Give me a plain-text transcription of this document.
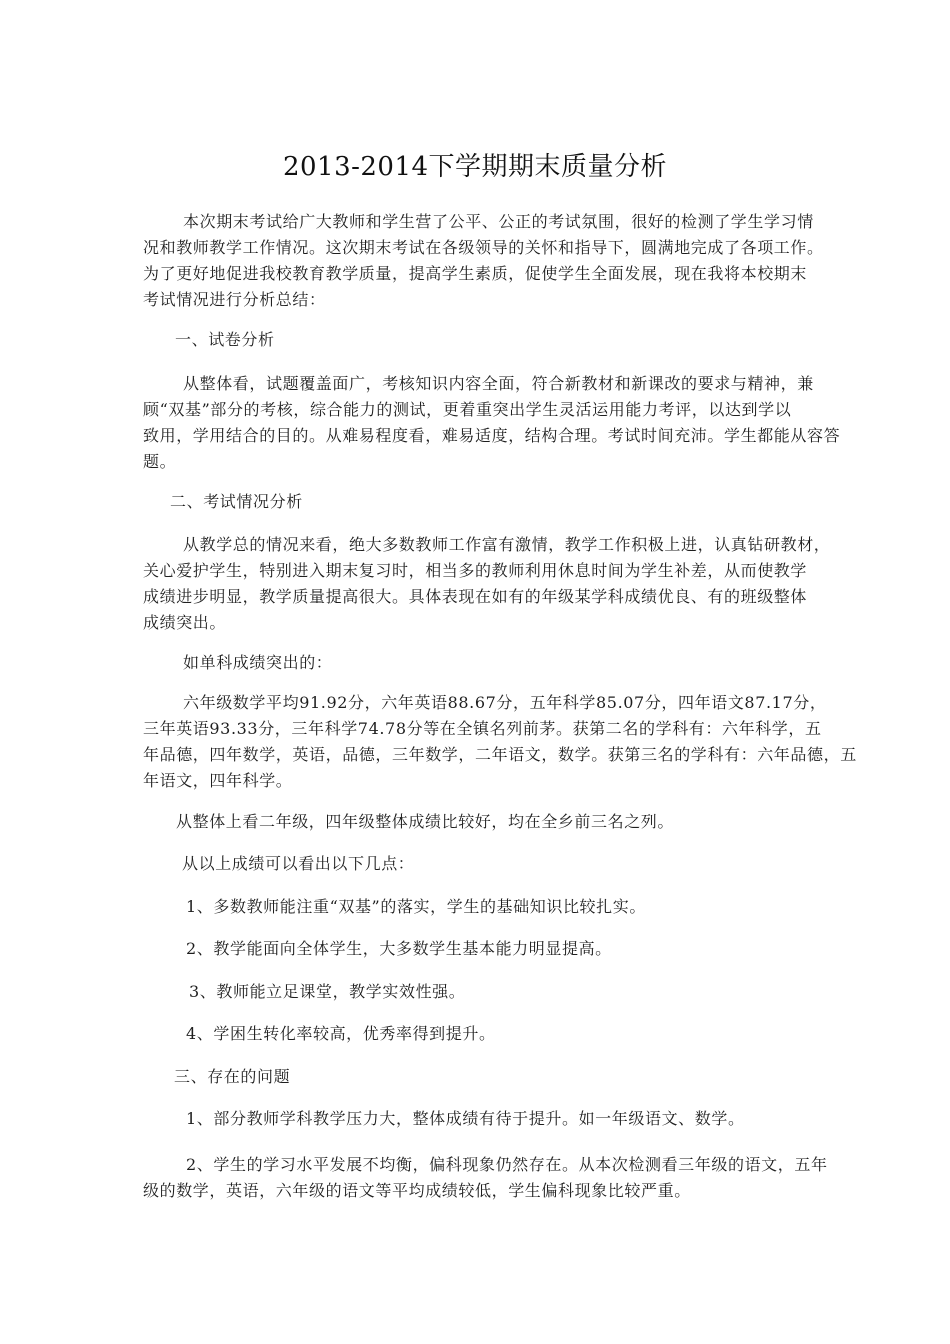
2013-2014下学期期末质量分析
本次期末考试给广大教师和学生营了公平、公正的考试氛围，很好的检测了学生学习情
况和教师教学工作情况。这次期末考试在各级领导的关怀和指导下，圆满地完成了各项工作。
为了更好地促进我校教育教学质量，提高学生素质，促使学生全面发展，现在我将本校期末
考试情况进行分析总结：
一、试卷分析
从整体看，试题覆盖面广，考核知识内容全面，符合新教材和新课改的要求与精神，兼
顾“双基”部分的考核，综合能力的测试，更着重突出学生灵活运用能力考评，以达到学以
致用，学用结合的目的。从难易程度看，难易适度，结构合理。考试时间充沛。学生都能从容答
题。
二、考试情况分析
从教学总的情况来看，绝大多数教师工作富有激情，教学工作积极上进，认真钻研教材，
关心爱护学生，特别进入期末复习时，相当多的教师利用休息时间为学生补差，从而使教学
成绩进步明显，教学质量提高很大。具体表现在如有的年级某学科成绩优良、有的班级整体
成绩突出。
如单科成绩突出的：
六年级数学平均91.92分，六年英语88.67分，五年科学85.07分，四年语文87.17分，
三年英语93.33分，三年科学74.78分等在全镇名列前茅。获第二名的学科有：六年科学，五
年品德，四年数学，英语，品德，三年数学，二年语文，数学。获第三名的学科有：六年品德，五
年语文，四年科学。
从整体上看二年级，四年级整体成绩比较好，均在全乡前三名之列。
从以上成绩可以看出以下几点：
1、多数教师能注重“双基”的落实，学生的基础知识比较扎实。
2、教学能面向全体学生，大多数学生基本能力明显提高。
3、教师能立足课堂，教学实效性强。
4、学困生转化率较高，优秀率得到提升。
三、存在的问题
1、部分教师学科教学压力大，整体成绩有待于提升。如一年级语文、数学。
2、学生的学习水平发展不均衡，偏科现象仍然存在。从本次检测看三年级的语文，五年
级的数学，英语，六年级的语文等平均成绩较低，学生偏科现象比较严重。
